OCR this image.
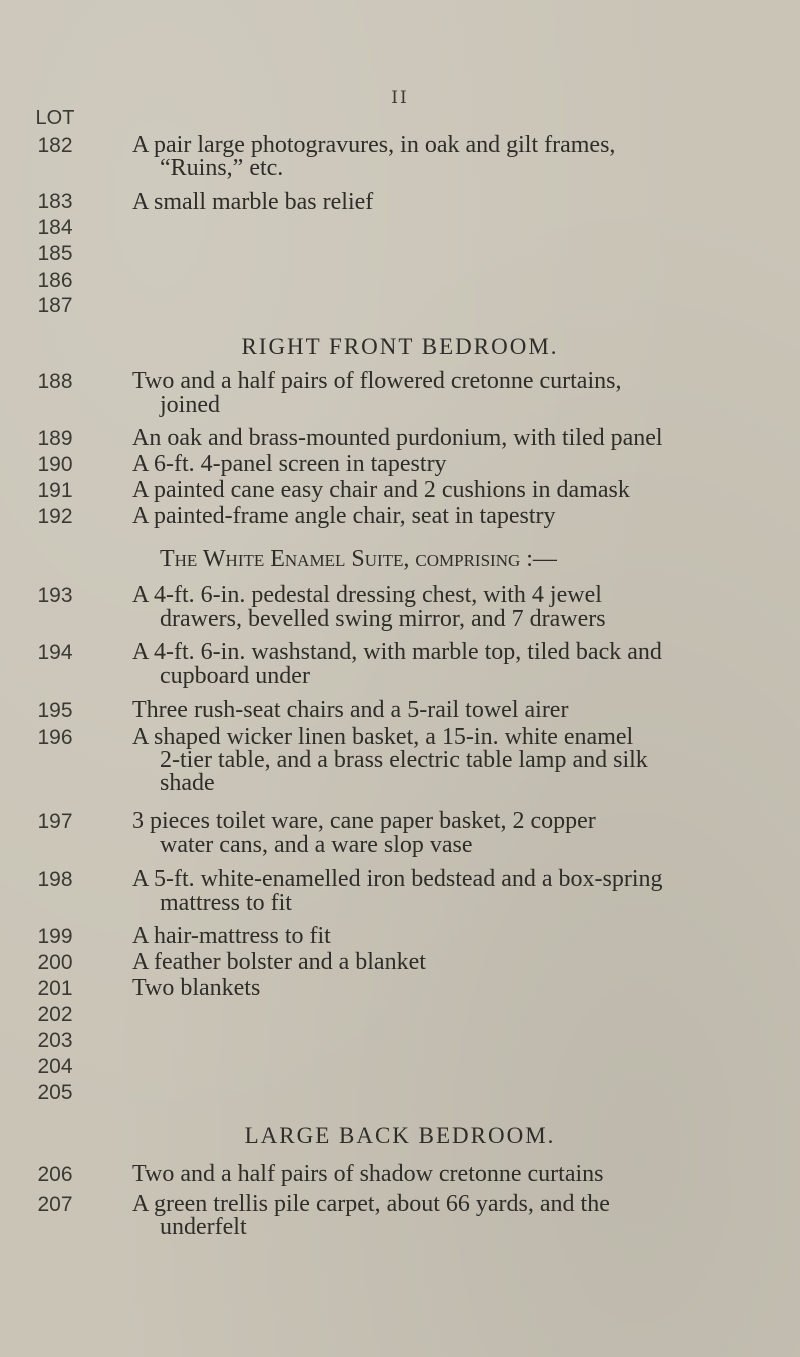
II
LOT
182	A pair large photogravures, in oak and gilt frames,
“Ruins,” etc.
183	A small marble bas relief
184
185
186
187
RIGHT FRONT BEDROOM.
188	Two and a half pairs of flowered cretonne curtains,
joined
189	An oak and brass-mounted purdonium, with tiled panel
190	A 6-ft. 4-panel screen in tapestry
191	A painted cane easy chair and 2 cushions in damask
192	A painted-frame angle chair, seat in tapestry
The White Enamel Suite, comprising :—
193	A 4-ft. 6-in. pedestal dressing chest, with 4 jewel
drawers, bevelled swing mirror, and 7 drawers
194	A 4-ft. 6-in. washstand, with marble top, tiled back and
cupboard under
195	Three rush-seat chairs and a 5-rail towel airer
196	A shaped wicker linen basket, a 15-in. white enamel
2-tier table, and a brass electric table lamp and silk
shade
197	3 pieces toilet ware, cane paper basket, 2 copper
water cans, and a ware slop vase
198	A 5-ft. white-enamelled iron bedstead and a box-spring
mattress to fit
199	A hair-mattress to fit
200	A feather bolster and a blanket
201	Two blankets
202
203
204
205
LARGE BACK BEDROOM.
206	Two and a half pairs of shadow cretonne curtains
207	A green trellis pile carpet, about 66 yards, and the
underfelt
